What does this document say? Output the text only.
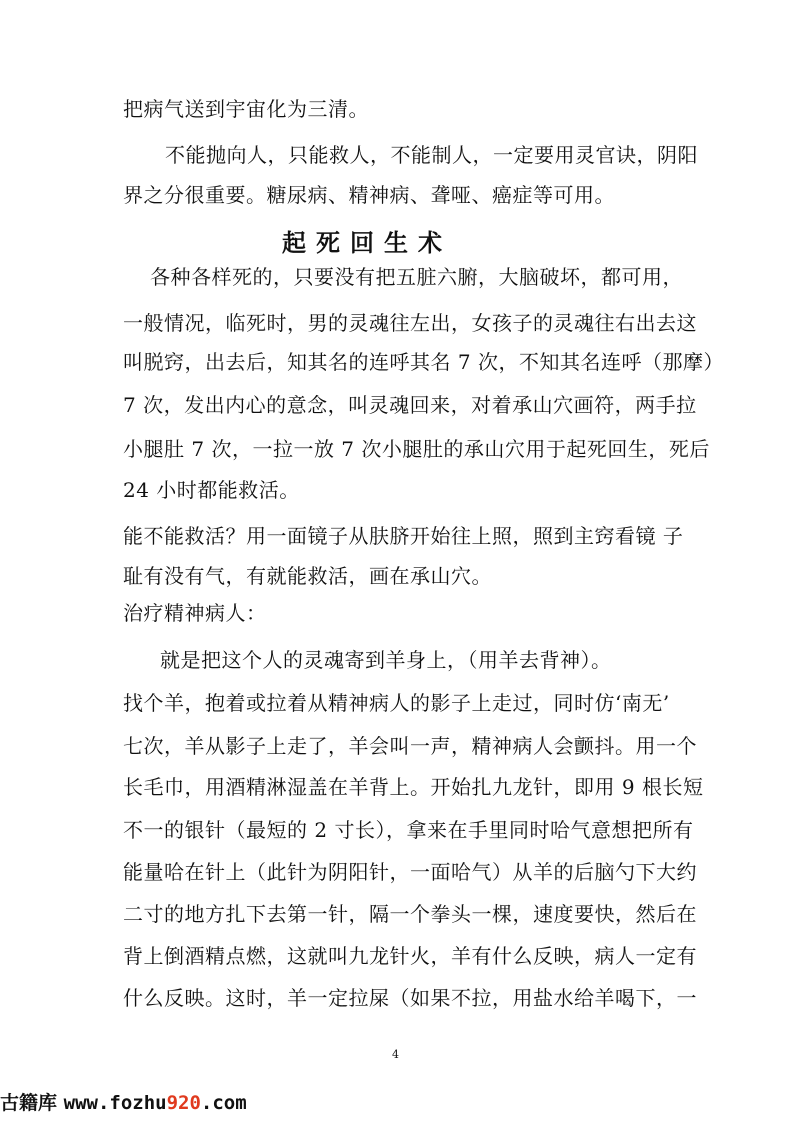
把病气送到宇宙化为三清。
不能抛向人，只能救人，不能制人，一定要用灵官诀，阴阳
界之分很重要。糖尿病、精神病、聋哑、癌症等可用。
起死回生术
各种各样死的，只要没有把五脏六腑，大脑破坏，都可用，
一般情况，临死时，男的灵魂往左出，女孩子的灵魂往右出去这
叫脱窍，出去后，知其名的连呼其名 7 次，不知其名连呼（那摩）
7 次，发出内心的意念，叫灵魂回来，对着承山穴画符，两手拉
小腿肚 7 次，一拉一放 7 次小腿肚的承山穴用于起死回生，死后
24 小时都能救活。
能不能救活？用一面镜子从肤脐开始往上照，照到主窍看镜 子
耻有没有气，有就能救活，画在承山穴。
治疗精神病人：
就是把这个人的灵魂寄到羊身上，（用羊去背神）。
找个羊，抱着或拉着从精神病人的影子上走过，同时仿‘南无’
七次，羊从影子上走了，羊会叫一声，精神病人会颤抖。用一个
长毛巾，用酒精淋湿盖在羊背上。开始扎九龙针，即用 9 根长短
不一的银针（最短的 2 寸长），拿来在手里同时哈气意想把所有
能量哈在针上（此针为阴阳针，一面哈气）从羊的后脑勺下大约
二寸的地方扎下去第一针，隔一个拳头一棵，速度要快，然后在
背上倒酒精点燃，这就叫九龙针火，羊有什么反映，病人一定有
什么反映。这时，羊一定拉屎（如果不拉，用盐水给羊喝下，一
4
古籍库 www.fozhu920.com
